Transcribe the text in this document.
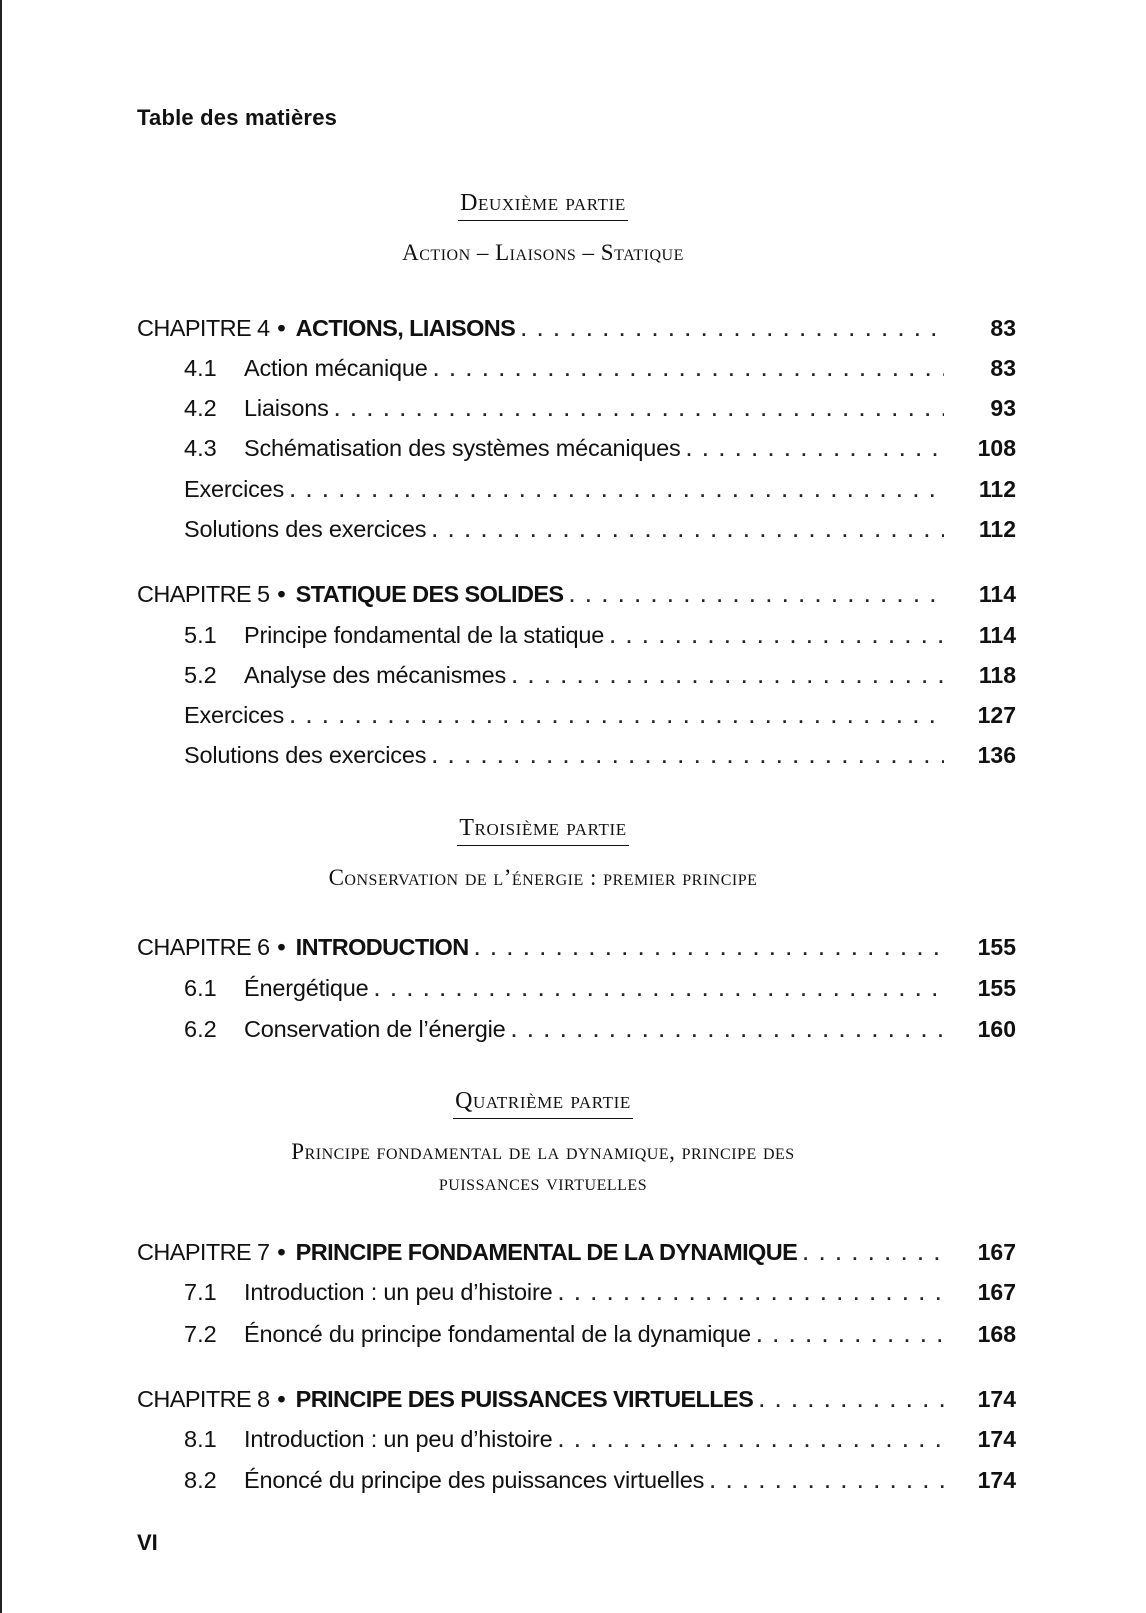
Table des matières
Deuxième partie
Action – Liaisons – Statique
CHAPITRE 4 • ACTIONS, LIAISONS . . .	83
4.1	Action mécanique . . .	83
4.2	Liaisons . . .	93
4.3	Schématisation des systèmes mécaniques . . .	108
Exercices . . .	112
Solutions des exercices . . .	112
CHAPITRE 5 • STATIQUE DES SOLIDES . . .	114
5.1	Principe fondamental de la statique . . .	114
5.2	Analyse des mécanismes . . .	118
Exercices . . .	127
Solutions des exercices . . .	136
Troisième partie
Conservation de l’énergie : premier principe
CHAPITRE 6 • INTRODUCTION . . .	155
6.1	Énergétique . . .	155
6.2	Conservation de l’énergie . . .	160
Quatrième partie
Principe fondamental de la dynamique, principe des
puissances virtuelles
CHAPITRE 7 • PRINCIPE FONDAMENTAL DE LA DYNAMIQUE . . .	167
7.1	Introduction : un peu d’histoire . . .	167
7.2	Énoncé du principe fondamental de la dynamique . . .	168
CHAPITRE 8 • PRINCIPE DES PUISSANCES VIRTUELLES . . .	174
8.1	Introduction : un peu d’histoire . . .	174
8.2	Énoncé du principe des puissances virtuelles . . .	174
VI
